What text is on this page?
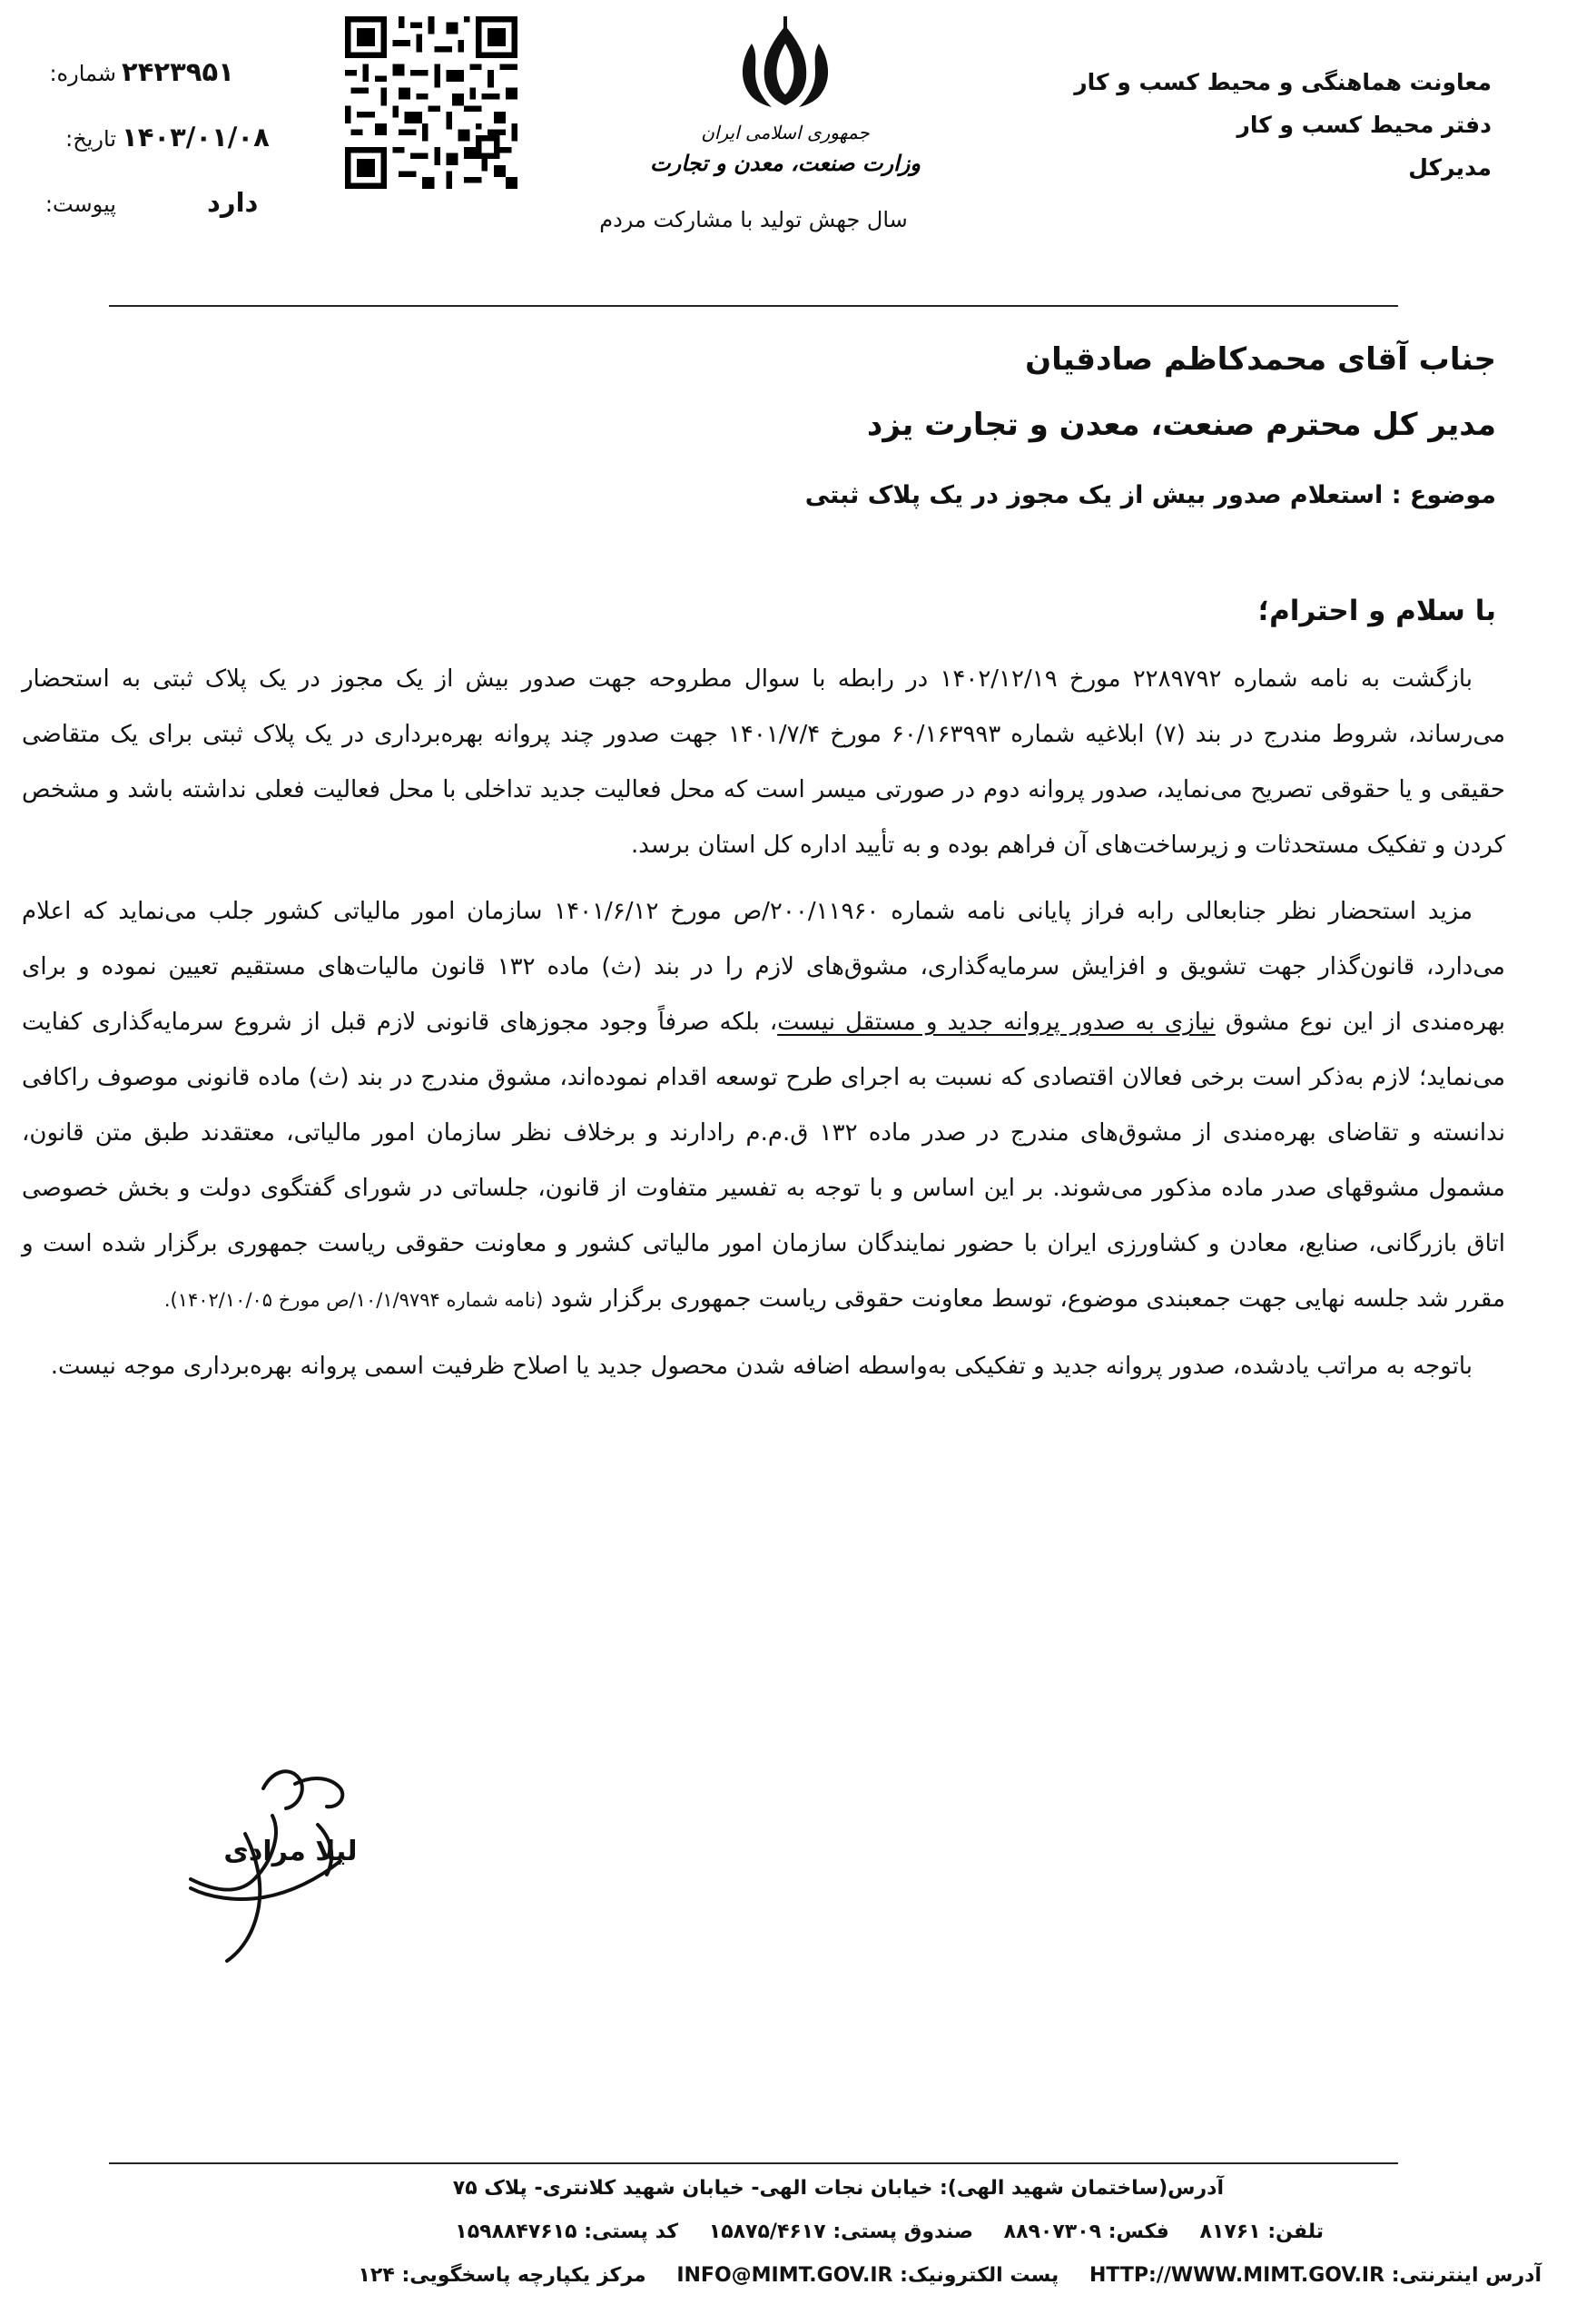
معاونت هماهنگی و محیط کسب و کار
دفتر محیط کسب و کار
مدیرکل
جمهوری اسلامی ایران
وزارت صنعت، معدن و تجارت
سال جهش تولید با مشارکت مردم
شماره: ۲۴۲۳۹۵۱
تاریخ: ۱۴۰۳/۰۱/۰۸
پیوست:	دارد
جناب آقای محمدکاظم صادقیان
مدیر کل محترم صنعت، معدن و تجارت یزد
موضوع : استعلام صدور بیش از یک مجوز در یک پلاک ثبتی
با سلام و احترام؛

بازگشت به نامه شماره ۲۲۸۹۷۹۲ مورخ ۱۴۰۲/۱۲/۱۹ در رابطه با سوال مطروحه جهت صدور بیش از یک مجوز در یک پلاک ثبتی به استحضار می‌رساند، شروط مندرج در بند (۷) ابلاغیه شماره ۶۰/۱۶۳۹۹۳ مورخ ۱۴۰۱/۷/۴ جهت صدور چند پروانه بهره‌برداری در یک پلاک ثبتی برای یک متقاضی حقیقی و یا حقوقی تصریح می‌نماید، صدور پروانه دوم در صورتی میسر است که محل فعالیت جدید تداخلی با محل فعالیت فعلی نداشته باشد و مشخص کردن و تفکیک مستحدثات و زیرساخت‌های آن فراهم بوده و به تأیید اداره کل استان برسد.

مزید استحضار نظر جنابعالی رابه فراز پایانی نامه شماره ۲۰۰/۱۱۹۶۰/ص مورخ ۱۴۰۱/۶/۱۲ سازمان امور مالیاتی کشور جلب می‌نماید که اعلام می‌دارد، قانون‌گذار جهت تشویق و افزایش سرمایه‌گذاری، مشوق‌های لازم را در بند (ث) ماده ۱۳۲ قانون مالیات‌های مستقیم تعیین نموده و برای بهره‌مندی از این نوع مشوق نیازی به صدور پروانه جدید و مستقل نیست، بلکه صرفاً وجود مجوزهای قانونی لازم قبل از شروع سرمایه‌گذاری کفایت می‌نماید؛ لازم به‌ذکر است برخی فعالان اقتصادی که نسبت به اجرای طرح توسعه اقدام نموده‌اند، مشوق مندرج در بند (ث) ماده قانونی موصوف راکافی ندانسته و تقاضای بهره‌مندی از مشوق‌های مندرج در صدر ماده ۱۳۲ ق.م.م رادارند و برخلاف نظر سازمان امور مالیاتی، معتقدند طبق متن قانون، مشمول مشوقهای صدر ماده مذکور می‌شوند. بر این اساس و با توجه به تفسیر متفاوت از قانون، جلساتی در شورای گفتگوی دولت و بخش خصوصی اتاق بازرگانی، صنایع، معادن و کشاورزی ایران با حضور نمایندگان سازمان امور مالیاتی کشور و معاونت حقوقی ریاست جمهوری برگزار شده است و مقرر شد جلسه نهایی جهت جمعبندی موضوع، توسط معاونت حقوقی ریاست جمهوری برگزار شود (نامه شماره ۱۰/۱/۹۷۹۴/ص مورخ ۱۴۰۲/۱۰/۰۵).

باتوجه به مراتب یادشده، صدور پروانه جدید و تفکیکی به‌واسطه اضافه شدن محصول جدید یا اصلاح ظرفیت اسمی پروانه بهره‌برداری موجه نیست.

لیلا مرادی
آدرس(ساختمان شهید الهی): خیابان نجات الهی- خیابان شهید کلانتری- پلاک ۷۵
تلفن: ۸۱۷۶۱ فکس: ۸۸۹۰۷۳۰۹ صندوق پستی: ۱۵۸۷۵/۴۶۱۷ کد پستی: ۱۵۹۸۸۴۷۶۱۵
آدرس اینترنتی: HTTP://WWW.MIMT.GOV.IR پست الکترونیک: INFO@MIMT.GOV.IR مرکز یکپارچه پاسخگویی: ۱۲۴
